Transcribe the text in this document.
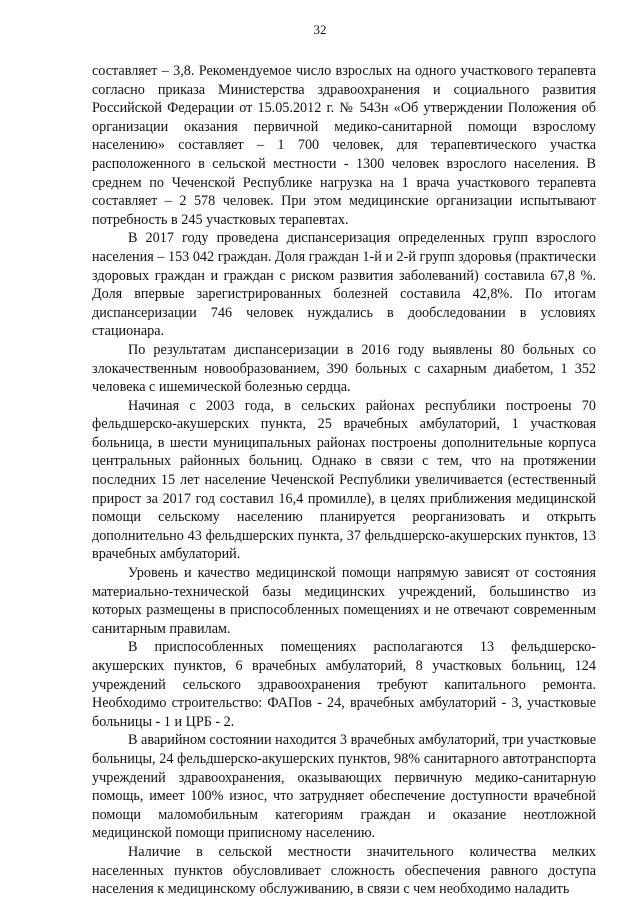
32

составляет – 3,8. Рекомендуемое число взрослых на одного участкового терапевта согласно приказа Министерства здравоохранения и социального развития Российской Федерации от 15.05.2012 г. № 543н «Об утверждении Положения об организации оказания первичной медико-санитарной помощи взрослому населению» составляет – 1 700 человек, для терапевтического участка расположенного в сельской местности - 1300 человек взрослого населения. В среднем по Чеченской Республике нагрузка на 1 врача участкового терапевта составляет – 2 578 человек. При этом медицинские организации испытывают потребность в 245 участковых терапевтах.

В 2017 году проведена диспансеризация определенных групп взрослого населения – 153 042 граждан. Доля граждан 1-й и 2-й групп здоровья (практически здоровых граждан и граждан с риском развития заболеваний) составила 67,8 %. Доля впервые зарегистрированных болезней составила 42,8%. По итогам диспансеризации 746 человек нуждались в дообследовании в условиях стационара.

По результатам диспансеризации в 2016 году выявлены 80 больных со злокачественным новообразованием, 390 больных с сахарным диабетом, 1 352 человека с ишемической болезнью сердца.

Начиная с 2003 года, в сельских районах республики построены 70 фельдшерско-акушерских пункта, 25 врачебных амбулаторий, 1 участковая больница, в шести муниципальных районах построены дополнительные корпуса центральных районных больниц. Однако в связи с тем, что на протяжении последних 15 лет население Чеченской Республики увеличивается (естественный прирост за 2017 год составил 16,4 промилле), в целях приближения медицинской помощи сельскому населению планируется реорганизовать и открыть дополнительно 43 фельдшерских пункта, 37 фельдшерско-акушерских пунктов, 13 врачебных амбулаторий.

Уровень и качество медицинской помощи напрямую зависят от состояния материально-технической базы медицинских учреждений, большинство из которых размещены в приспособленных помещениях и не отвечают современным санитарным правилам.

В приспособленных помещениях располагаются 13 фельдшерско-акушерских пунктов, 6 врачебных амбулаторий, 8 участковых больниц, 124 учреждений сельского здравоохранения требуют капитального ремонта. Необходимо строительство: ФАПов - 24, врачебных амбулаторий - 3, участковые больницы - 1 и ЦРБ - 2.

В аварийном состоянии находится 3 врачебных амбулаторий, три участковые больницы, 24 фельдшерско-акушерских пунктов, 98% санитарного автотранспорта учреждений здравоохранения, оказывающих первичную медико-санитарную помощь, имеет 100% износ, что затрудняет обеспечение доступности врачебной помощи маломобильным категориям граждан и оказание неотложной медицинской помощи приписному населению.

Наличие в сельской местности значительного количества мелких населенных пунктов обусловливает сложность обеспечения равного доступа населения к медицинскому обслуживанию, в связи с чем необходимо наладить
